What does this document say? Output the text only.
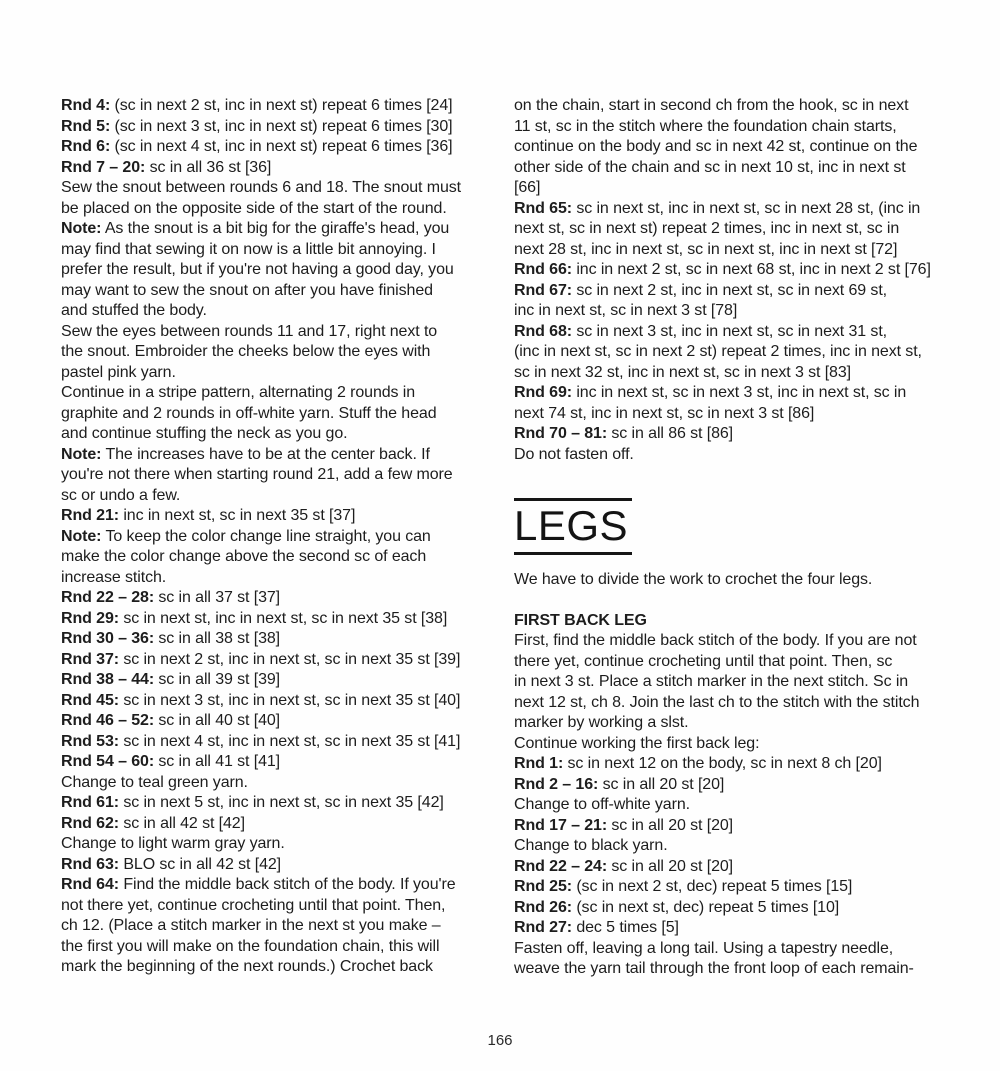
Rnd 4: (sc in next 2 st, inc in next st) repeat 6 times [24]
Rnd 5: (sc in next 3 st, inc in next st) repeat 6 times [30]
Rnd 6: (sc in next 4 st, inc in next st) repeat 6 times [36]
Rnd 7 – 20: sc in all 36 st [36]
Sew the snout between rounds 6 and 18. The snout must
be placed on the opposite side of the start of the round.
Note: As the snout is a bit big for the giraffe's head, you
may find that sewing it on now is a little bit annoying. I
prefer the result, but if you're not having a good day, you
may want to sew the snout on after you have finished
and stuffed the body.
Sew the eyes between rounds 11 and 17, right next to
the snout. Embroider the cheeks below the eyes with
pastel pink yarn.
Continue in a stripe pattern, alternating 2 rounds in
graphite and 2 rounds in off-white yarn. Stuff the head
and continue stuffing the neck as you go.
Note: The increases have to be at the center back. If
you're not there when starting round 21, add a few more
sc or undo a few.
Rnd 21: inc in next st, sc in next 35 st [37]
Note: To keep the color change line straight, you can
make the color change above the second sc of each
increase stitch.
Rnd 22 – 28: sc in all 37 st [37]
Rnd 29: sc in next st, inc in next st, sc in next 35 st [38]
Rnd 30 – 36: sc in all 38 st [38]
Rnd 37: sc in next 2 st, inc in next st, sc in next 35 st [39]
Rnd 38 – 44: sc in all 39 st [39]
Rnd 45: sc in next 3 st, inc in next st, sc in next 35 st [40]
Rnd 46 – 52: sc in all 40 st [40]
Rnd 53: sc in next 4 st, inc in next st, sc in next 35 st [41]
Rnd 54 – 60: sc in all 41 st [41]
Change to teal green yarn.
Rnd 61: sc in next 5 st, inc in next st, sc in next 35 [42]
Rnd 62: sc in all 42 st [42]
Change to light warm gray yarn.
Rnd 63: BLO sc in all 42 st [42]
Rnd 64: Find the middle back stitch of the body. If you're
not there yet, continue crocheting until that point. Then,
ch 12. (Place a stitch marker in the next st you make –
the first you will make on the foundation chain, this will
mark the beginning of the next rounds.) Crochet back
on the chain, start in second ch from the hook, sc in next
11 st, sc in the stitch where the foundation chain starts,
continue on the body and sc in next 42 st, continue on the
other side of the chain and sc in next 10 st, inc in next st
[66]
Rnd 65: sc in next st, inc in next st, sc in next 28 st, (inc in
next st, sc in next st) repeat 2 times, inc in next st, sc in
next 28 st, inc in next st, sc in next st, inc in next st [72]
Rnd 66: inc in next 2 st, sc in next 68 st, inc in next 2 st [76]
Rnd 67: sc in next 2 st, inc in next st, sc in next 69 st,
inc in next st, sc in next 3 st [78]
Rnd 68: sc in next 3 st, inc in next st, sc in next 31 st,
(inc in next st, sc in next 2 st) repeat 2 times, inc in next st,
sc in next 32 st, inc in next st, sc in next 3 st [83]
Rnd 69: inc in next st, sc in next 3 st, inc in next st, sc in
next 74 st, inc in next st, sc in next 3 st [86]
Rnd 70 – 81: sc in all 86 st [86]
Do not fasten off.
LEGS

We have to divide the work to crochet the four legs.

FIRST BACK LEG
First, find the middle back stitch of the body. If you are not
there yet, continue crocheting until that point. Then, sc
in next 3 st. Place a stitch marker in the next stitch. Sc in
next 12 st, ch 8. Join the last ch to the stitch with the stitch
marker by working a slst.
Continue working the first back leg:
Rnd 1: sc in next 12 on the body, sc in next 8 ch [20]
Rnd 2 – 16: sc in all 20 st [20]
Change to off-white yarn.
Rnd 17 – 21: sc in all 20 st [20]
Change to black yarn.
Rnd 22 – 24: sc in all 20 st [20]
Rnd 25: (sc in next 2 st, dec) repeat 5 times [15]
Rnd 26: (sc in next st, dec) repeat 5 times [10]
Rnd 27: dec 5 times [5]
Fasten off, leaving a long tail. Using a tapestry needle,
weave the yarn tail through the front loop of each remain-
166
